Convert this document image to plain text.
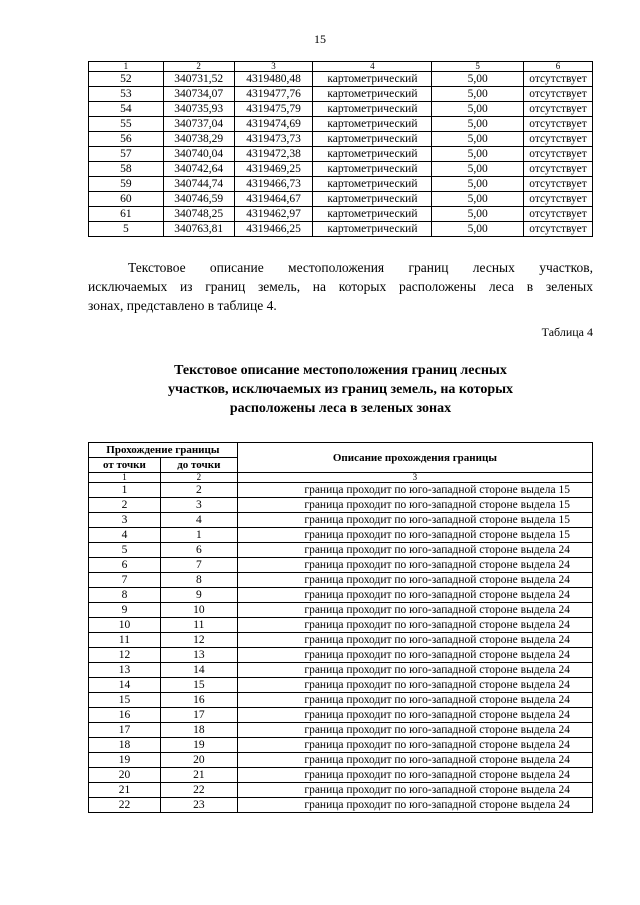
15
1	2	3	4	5	6
52	340731,52	4319480,48	картометрический	5,00	отсутствует
53	340734,07	4319477,76	картометрический	5,00	отсутствует
54	340735,93	4319475,79	картометрический	5,00	отсутствует
55	340737,04	4319474,69	картометрический	5,00	отсутствует
56	340738,29	4319473,73	картометрический	5,00	отсутствует
57	340740,04	4319472,38	картометрический	5,00	отсутствует
58	340742,64	4319469,25	картометрический	5,00	отсутствует
59	340744,74	4319466,73	картометрический	5,00	отсутствует
60	340746,59	4319464,67	картометрический	5,00	отсутствует
61	340748,25	4319462,97	картометрический	5,00	отсутствует
5	340763,81	4319466,25	картометрический	5,00	отсутствует
Текстовое описание местоположения границ лесных участков,
исключаемых из границ земель, на которых расположены леса в зеленых
зонах, представлено в таблице 4.
Таблица 4
Текстовое описание местоположения границ лесных
участков, исключаемых из границ земель, на которых
расположены леса в зеленых зонах
Прохождение границы		Описание прохождения границы
от точки	до точки	
1	2	3
1	2	граница проходит по юго-западной стороне выдела 15
2	3	граница проходит по юго-западной стороне выдела 15
3	4	граница проходит по юго-западной стороне выдела 15
4	1	граница проходит по юго-западной стороне выдела 15
5	6	граница проходит по юго-западной стороне выдела 24
6	7	граница проходит по юго-западной стороне выдела 24
7	8	граница проходит по юго-западной стороне выдела 24
8	9	граница проходит по юго-западной стороне выдела 24
9	10	граница проходит по юго-западной стороне выдела 24
10	11	граница проходит по юго-западной стороне выдела 24
11	12	граница проходит по юго-западной стороне выдела 24
12	13	граница проходит по юго-западной стороне выдела 24
13	14	граница проходит по юго-западной стороне выдела 24
14	15	граница проходит по юго-западной стороне выдела 24
15	16	граница проходит по юго-западной стороне выдела 24
16	17	граница проходит по юго-западной стороне выдела 24
17	18	граница проходит по юго-западной стороне выдела 24
18	19	граница проходит по юго-западной стороне выдела 24
19	20	граница проходит по юго-западной стороне выдела 24
20	21	граница проходит по юго-западной стороне выдела 24
21	22	граница проходит по юго-западной стороне выдела 24
22	23	граница проходит по юго-западной стороне выдела 24
